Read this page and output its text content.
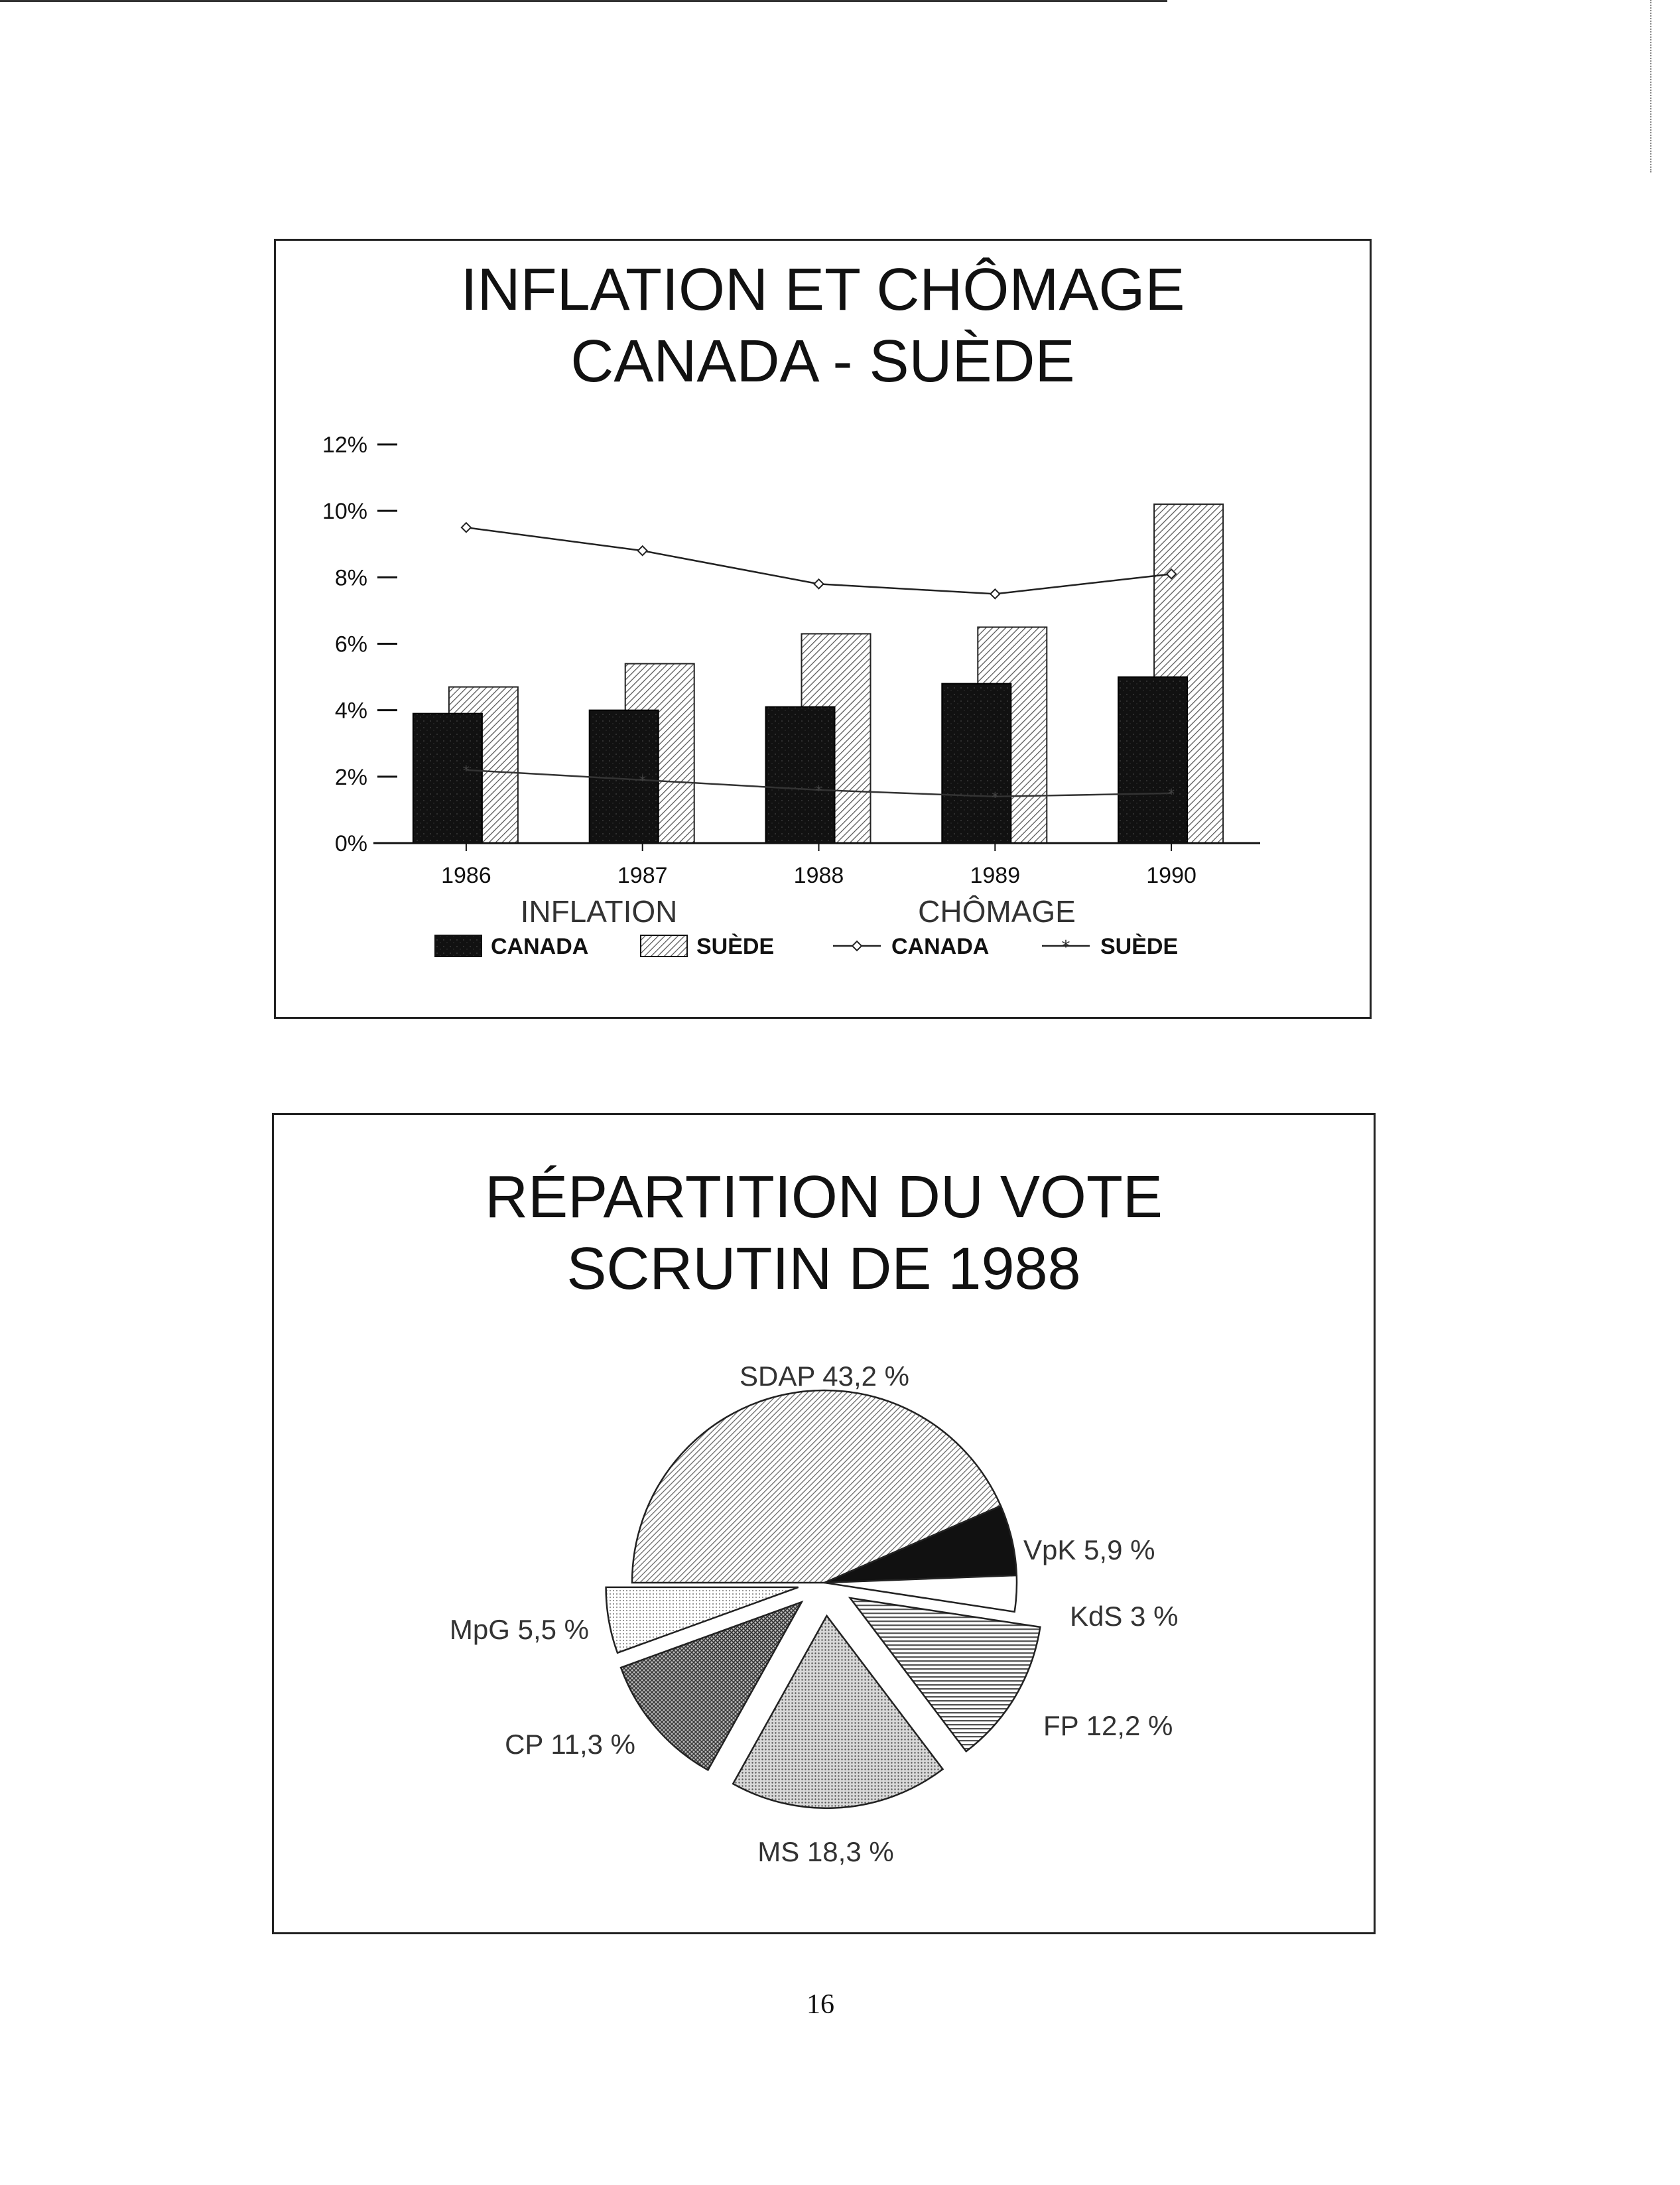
INFLATION ET CHÔMAGE
CANADA - SUÈDE
0%
2%
4%
6%
8%
10%
12%
*
*
*	*	*
1986	1987	1988	1989	1990
CHÔMAGE
INFLATION
CANADA	SUÈDE	CANADA	* SUÈDE
RÉPARTITION DU VOTE
SCRUTIN DE 1988
SDAP 43,2 %
VpK 5,9 %
KdS 3 %
FP 12,2 %
MS 18,3 %
CP 11,3 %
MpG 5,5 %
16
